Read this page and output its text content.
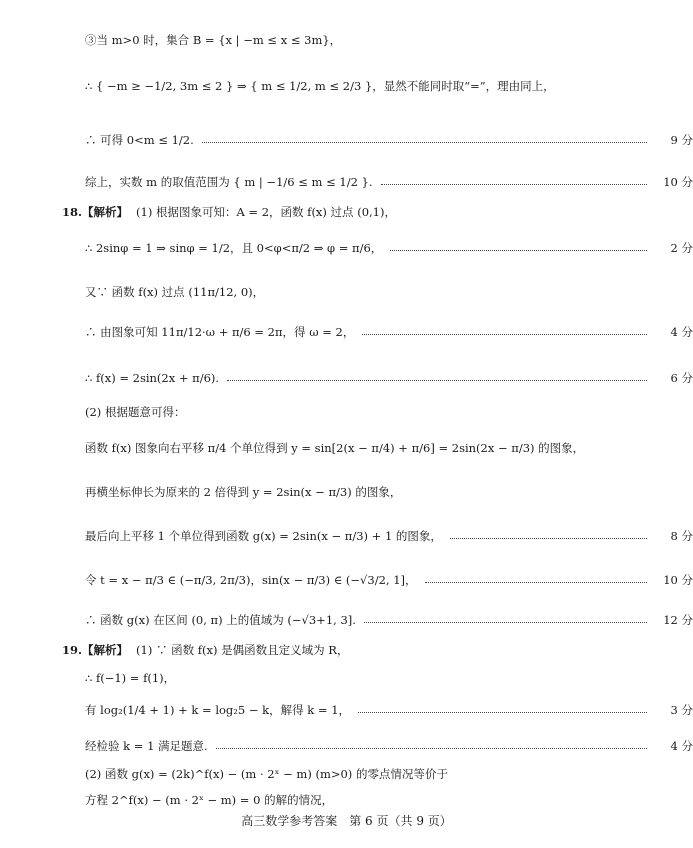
③当 m>0 时，集合 B = {x | −m ≤ x ≤ 3m}，
∴ { −m ≥ −1/2, 3m ≤ 2 } ⇒ { m ≤ 1/2, m ≤ 2/3 }，显然不能同时取“=”，理由同上，
∴ 可得 0<m ≤ 1/2.	9 分
综上，实数 m 的取值范围为 { m | −1/6 ≤ m ≤ 1/2 }.	10 分
18.【解析】 (1) 根据图象可知：A = 2，函数 f(x) 过点 (0,1)，
∴ 2sinφ = 1 ⇒ sinφ = 1/2，且 0<φ<π/2 ⇒ φ = π/6，	2 分
又∵ 函数 f(x) 过点 (11π/12, 0)，
∴ 由图象可知 11π/12·ω + π/6 = 2π，得 ω = 2，	4 分
∴ f(x) = 2sin(2x + π/6).	6 分
(2) 根据题意可得：
函数 f(x) 图象向右平移 π/4 个单位得到 y = sin[2(x − π/4) + π/6] = 2sin(2x − π/3) 的图象，
再横坐标伸长为原来的 2 倍得到 y = 2sin(x − π/3) 的图象，
最后向上平移 1 个单位得到函数 g(x) = 2sin(x − π/3) + 1 的图象，	8 分
令 t = x − π/3 ∈ (−π/3, 2π/3)，sin(x − π/3) ∈ (−√3/2, 1]，	10 分
∴ 函数 g(x) 在区间 (0, π) 上的值域为 (−√3+1, 3].	12 分
19.【解析】 (1) ∵ 函数 f(x) 是偶函数且定义域为 R，
∴ f(−1) = f(1)，
有 log₂(1/4 + 1) + k = log₂5 − k，解得 k = 1，	3 分
经检验 k = 1 满足题意.	4 分
(2) 函数 g(x) = (2k)^f(x) − (m · 2ˣ − m) (m>0) 的零点情况等价于
方程 2^f(x) − (m · 2ˣ − m) = 0 的解的情况，
高三数学参考答案　第 6 页（共 9 页）
